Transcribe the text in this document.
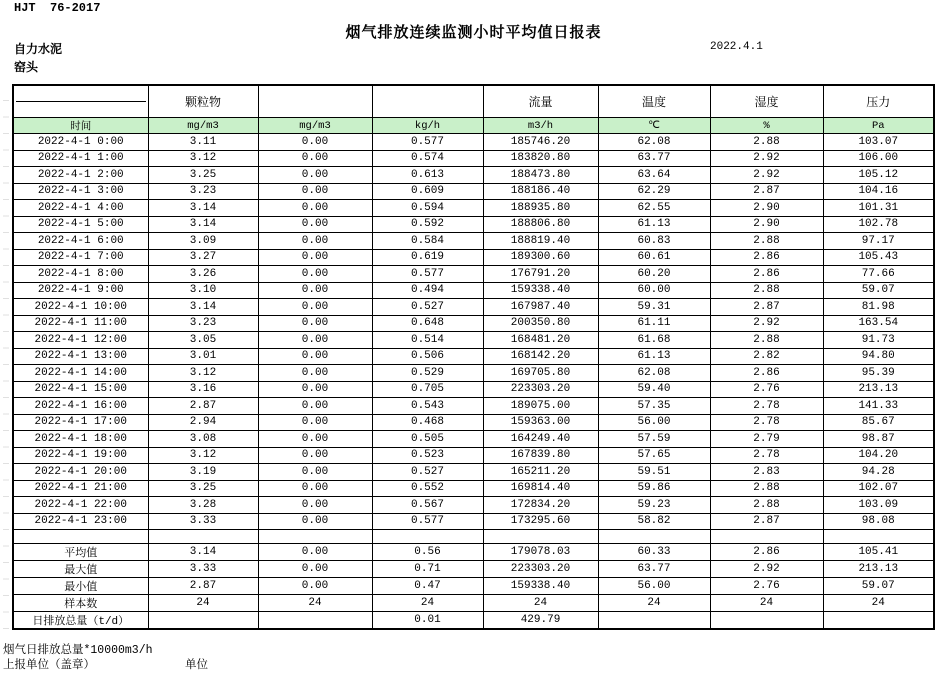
HJT  76-2017
烟气排放连续监测小时平均值日报表
2022.4.1
自力水泥
窑头
	颗粒物			流量	温度	湿度	压力
时间	mg/m3	mg/m3	kg/h	m3/h	℃	%	Pa
2022-4-1 0:00	3.11	0.00	0.577	185746.20	62.08	2.88	103.07
2022-4-1 1:00	3.12	0.00	0.574	183820.80	63.77	2.92	106.00
2022-4-1 2:00	3.25	0.00	0.613	188473.80	63.64	2.92	105.12
2022-4-1 3:00	3.23	0.00	0.609	188186.40	62.29	2.87	104.16
2022-4-1 4:00	3.14	0.00	0.594	188935.80	62.55	2.90	101.31
2022-4-1 5:00	3.14	0.00	0.592	188806.80	61.13	2.90	102.78
2022-4-1 6:00	3.09	0.00	0.584	188819.40	60.83	2.88	97.17
2022-4-1 7:00	3.27	0.00	0.619	189300.60	60.61	2.86	105.43
2022-4-1 8:00	3.26	0.00	0.577	176791.20	60.20	2.86	77.66
2022-4-1 9:00	3.10	0.00	0.494	159338.40	60.00	2.88	59.07
2022-4-1 10:00	3.14	0.00	0.527	167987.40	59.31	2.87	81.98
2022-4-1 11:00	3.23	0.00	0.648	200350.80	61.11	2.92	163.54
2022-4-1 12:00	3.05	0.00	0.514	168481.20	61.68	2.88	91.73
2022-4-1 13:00	3.01	0.00	0.506	168142.20	61.13	2.82	94.80
2022-4-1 14:00	3.12	0.00	0.529	169705.80	62.08	2.86	95.39
2022-4-1 15:00	3.16	0.00	0.705	223303.20	59.40	2.76	213.13
2022-4-1 16:00	2.87	0.00	0.543	189075.00	57.35	2.78	141.33
2022-4-1 17:00	2.94	0.00	0.468	159363.00	56.00	2.78	85.67
2022-4-1 18:00	3.08	0.00	0.505	164249.40	57.59	2.79	98.87
2022-4-1 19:00	3.12	0.00	0.523	167839.80	57.65	2.78	104.20
2022-4-1 20:00	3.19	0.00	0.527	165211.20	59.51	2.83	94.28
2022-4-1 21:00	3.25	0.00	0.552	169814.40	59.86	2.88	102.07
2022-4-1 22:00	3.28	0.00	0.567	172834.20	59.23	2.88	103.09
2022-4-1 23:00	3.33	0.00	0.577	173295.60	58.82	2.87	98.08

平均值	3.14	0.00	0.56	179078.03	60.33	2.86	105.41
最大值	3.33	0.00	0.71	223303.20	63.77	2.92	213.13
最小值	2.87	0.00	0.47	159338.40	56.00	2.76	59.07
样本数	24	24	24	24	24	24	24
日排放总量（t/d）			0.01	429.79			
烟气日排放总量*10000m3/h
上报单位（盖章）	单位
